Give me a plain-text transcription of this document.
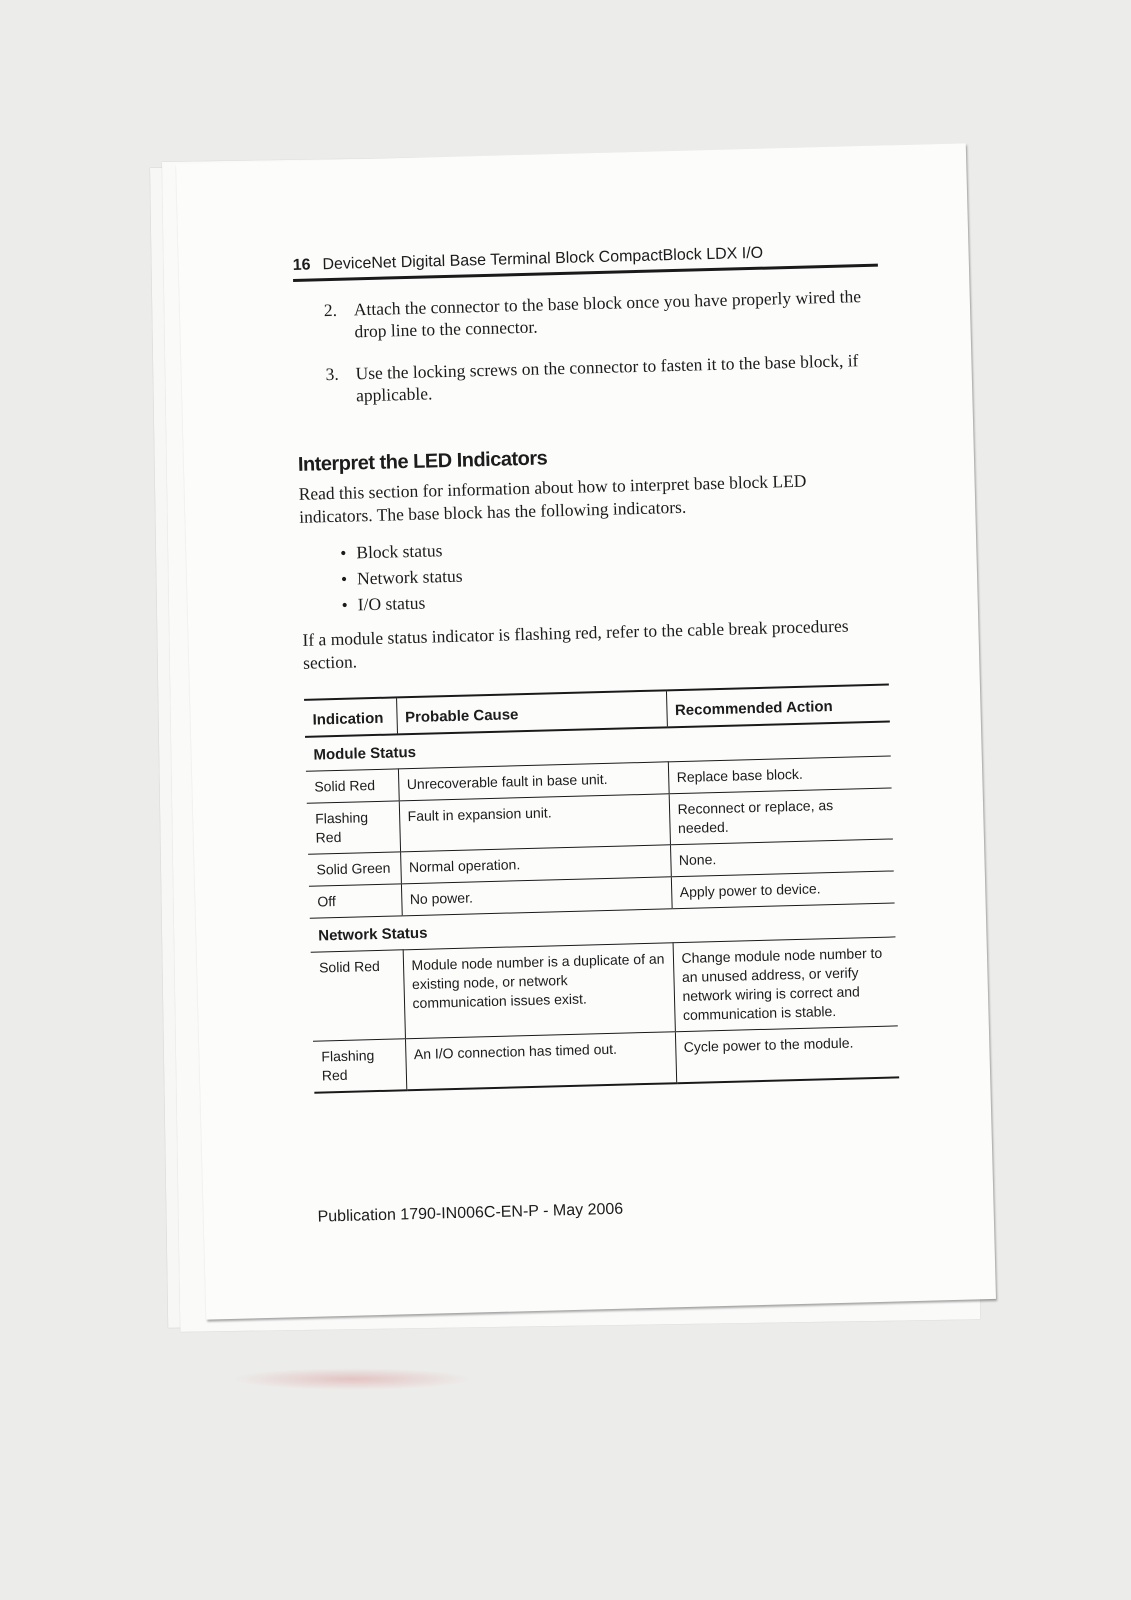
16 DeviceNet Digital Base Terminal Block CompactBlock LDX I/O
2. Attach the connector to the base block once you have properly wired the drop line to the connector.
3. Use the locking screws on the connector to fasten it to the base block, if applicable.
Interpret the LED Indicators

Read this section for information about how to interpret base block LED indicators. The base block has the following indicators.

• Block status
• Network status
• I/O status

If a module status indicator is flashing red, refer to the cable break procedures section.

Indication	Probable Cause	Recommended Action
Module Status		
Solid Red	Unrecoverable fault in base unit.	Replace base block.
Flashing Red	Fault in expansion unit.	Reconnect or replace, as needed.
Solid Green	Normal operation.	None.
Off	No power.	Apply power to device.
Network Status		
Solid Red	Module node number is a duplicate of an existing node, or network communication issues exist.	Change module node number to an unused address, or verify network wiring is correct and communication is stable.
Flashing Red	An I/O connection has timed out.	Cycle power to the module.
Publication 1790-IN006C-EN-P - May 2006
